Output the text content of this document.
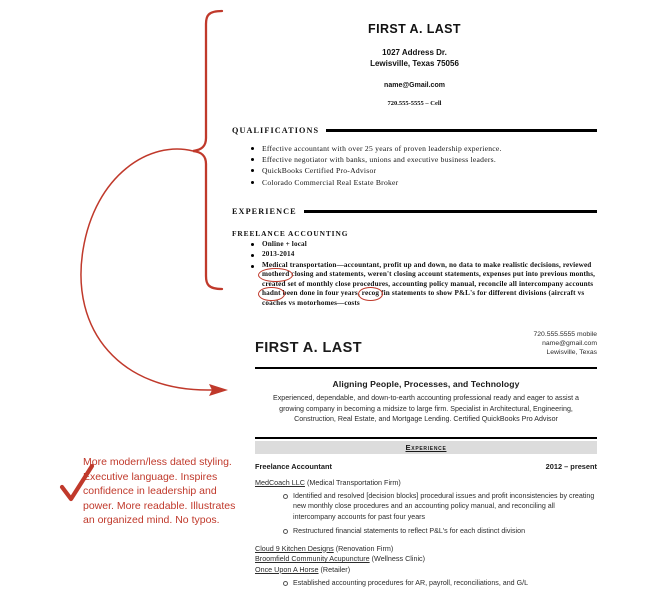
More modern/less dated styling.
Executive language. Inspires
confidence in leadership and
power. More readable. Illustrates
an organized mind. No typos.
FIRST A. LAST
1027 Address Dr.
Lewisville, Texas 75056
name@Gmail.com
720.555-5555 – Cell
QUALIFICATIONS
Effective accountant with over 25 years of proven leadership experience.
Effective negotiator with banks, unions and executive business leaders.
QuickBooks Certified Pro-Advisor
Colorado Commercial Real Estate Broker
EXPERIENCE
FREELANCE ACCOUNTING
Online + local
2013-2014
Medical transportation—accountant, profit up and down, no data to make realistic decisions, reviewed motherd closing and statements, weren't closing account statements, expenses put into previous months, created set of monthly close procedures, accounting policy manual, reconcile all intercompany accounts hadnt been done in four years, recog fin statements to show P&L's for different divisions (aircraft vs coaches vs motorhomes—costs
FIRST A. LAST
720.555.5555 mobile
name@gmail.com
Lewisville, Texas
Aligning People, Processes, and Technology
Experienced, dependable, and down-to-earth accounting professional ready and eager to assist a
growing company in becoming a midsize to large firm. Specialist in Architectural, Engineering,
Construction, Real Estate, and Mortgage Lending. Certified QuickBooks Pro Advisor
Experience
Freelance Accountant	2012 – present
MedCoach LLC (Medical Transportation Firm)
Identified and resolved [decision blocks] procedural issues and profit inconsistencies by creating new monthly close procedures and an accounting policy manual, and reconciling all intercompany accounts for past four years
Restructured financial statements to reflect P&L's for each distinct division
Cloud 9 Kitchen Designs (Renovation Firm)
Broomfield Community Acupuncture (Wellness Clinic)
Once Upon A Horse (Retailer)
Established accounting procedures for AR, payroll, reconciliations, and G/L
